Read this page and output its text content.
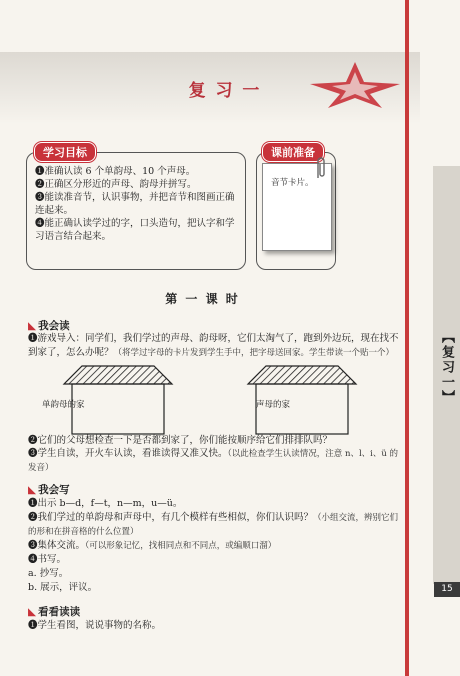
复 习 一
【复习一】
15
❶准确认读 6 个单韵母、10 个声母。
❷正确区分形近的声母、韵母并拼写。
❸能读准音节，认识事物，并把音节和图画正确连起来。
❹能正确认读学过的字，口头造句，把认字和学习语言结合起来。
学习目标	课前准备
音节卡片。
第 一 课 时
◣ 我会读
❶游戏导入：同学们，我们学过的声母、韵母呀，它们太淘气了，跑到外边玩，现在找不到家了，怎么办呢？（将学过字母的卡片发到学生手中，把字母送回家。学生带读一个贴一个）
单韵母的家	声母的家
❷它们的父母想检查一下是否都到家了，你们能按顺序给它们排排队吗？
❸学生自读，开火车认读，看谁读得又准又快。（以此检查学生认读情况，注意 n、l、i、ü 的发音）
◣ 我会写
❶出示 b—d，f—t，n—m，u—ü。
❷我们学过的单韵母和声母中，有几个模样有些相似，你们认识吗？（小组交流，辨别它们的形和在拼音格的什么位置）
❸集体交流。（可以形象记忆，找相同点和不同点，或编顺口溜）
❹书写。
a. 抄写。
b. 展示，评议。
◣ 看看读读
❶学生看图，说说事物的名称。
